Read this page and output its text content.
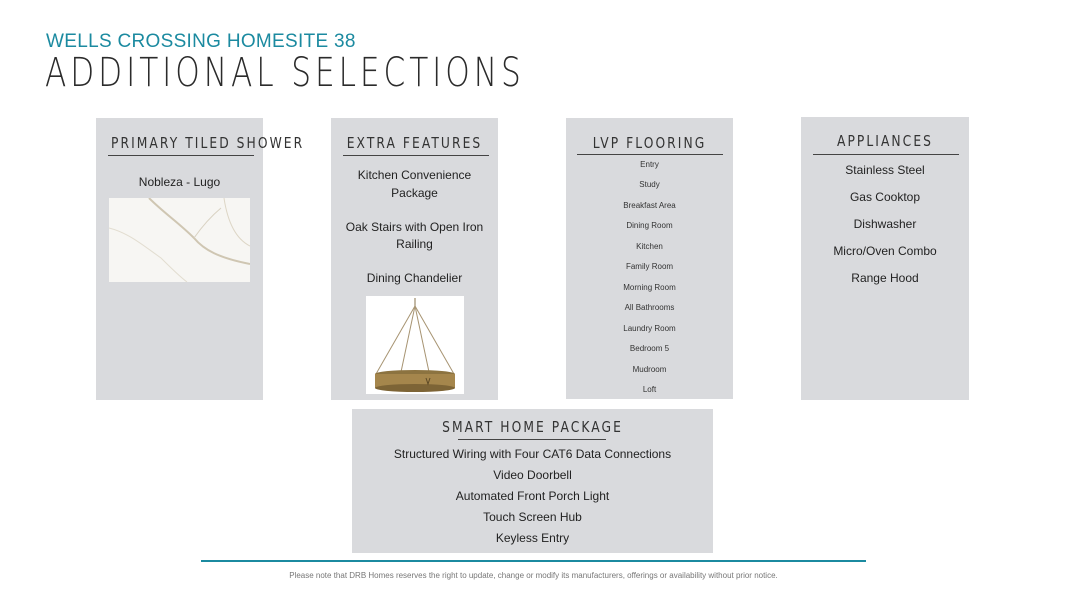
WELLS CROSSING HOMESITE 38
ADDITIONAL SELECTIONS
PRIMARY TILED SHOWER
Nobleza - Lugo
EXTRA FEATURES
Kitchen Convenience
Package
Oak Stairs with Open Iron
Railing
Dining Chandelier
LVP FLOORING
Entry
Study
Breakfast Area
Dining Room
Kitchen
Family Room
Morning Room
All Bathrooms
Laundry Room
Bedroom 5
Mudroom
Loft
APPLIANCES
Stainless Steel
Gas Cooktop
Dishwasher
Micro/Oven Combo
Range Hood
SMART HOME PACKAGE
Structured Wiring with Four CAT6 Data Connections
Video Doorbell
Automated Front Porch Light
Touch Screen Hub
Keyless Entry
Please note that DRB Homes reserves the right to update, change or modify its manufacturers, offerings or availability without prior notice.
